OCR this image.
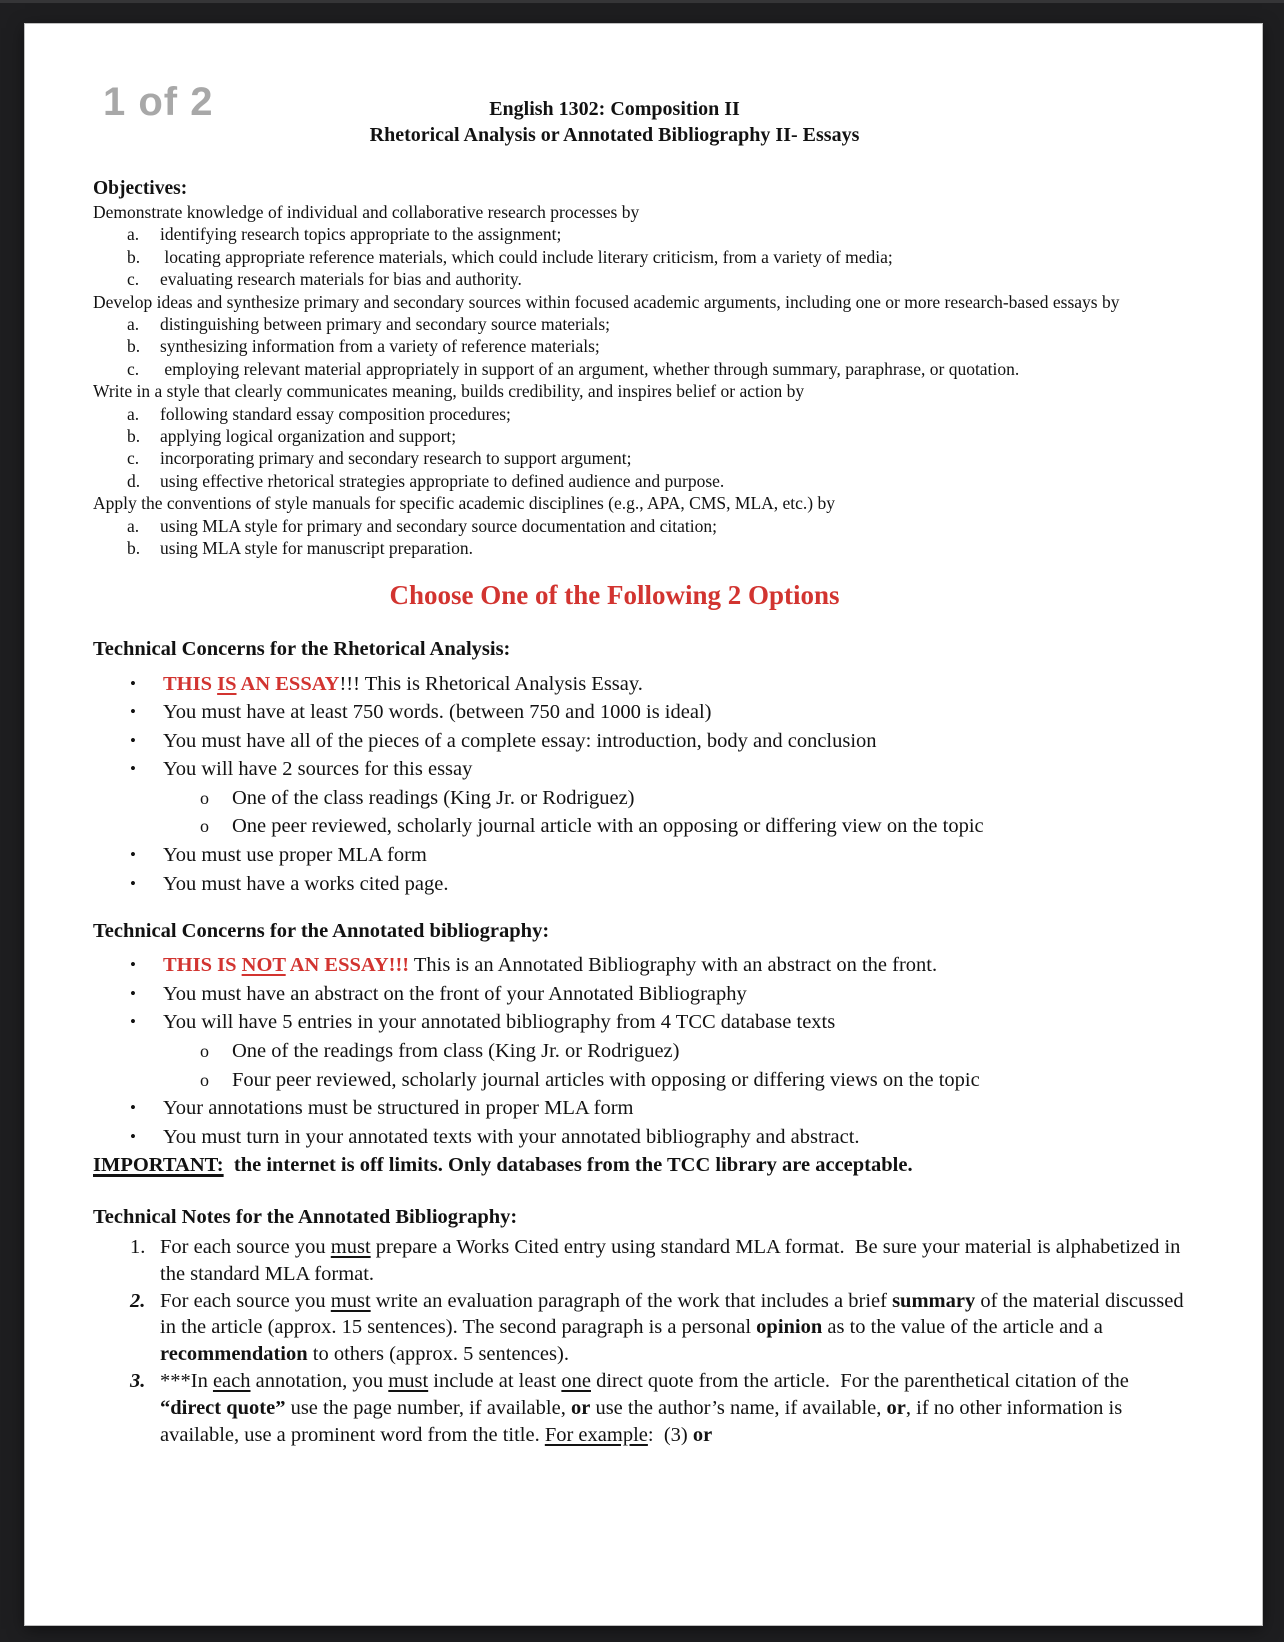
1 of 2	English 1302: Composition II
Rhetorical Analysis or Annotated Bibliography II- Essays
Objectives:

Demonstrate knowledge of individual and collaborative research processes by

a.	identifying research topics appropriate to the assignment;
b.	locating appropriate reference materials, which could include literary criticism, from a variety of media;
c.	evaluating research materials for bias and authority.

Develop ideas and synthesize primary and secondary sources within focused academic arguments, including one or more research-based essays by

a.	distinguishing between primary and secondary source materials;
b.	synthesizing information from a variety of reference materials;
c.	employing relevant material appropriately in support of an argument, whether through summary, paraphrase, or quotation.

Write in a style that clearly communicates meaning, builds credibility, and inspires belief or action by

a.	following standard essay composition procedures;
b.	applying logical organization and support;
c.	incorporating primary and secondary research to support argument;
d.	using effective rhetorical strategies appropriate to defined audience and purpose.

Apply the conventions of style manuals for specific academic disciplines (e.g., APA, CMS, MLA, etc.) by

a.	using MLA style for primary and secondary source documentation and citation;
b.	using MLA style for manuscript preparation.
Choose One of the Following 2 Options
Technical Concerns for the Rhetorical Analysis:
•	THIS IS AN ESSAY!!! This is Rhetorical Analysis Essay.
•	You must have at least 750 words. (between 750 and 1000 is ideal)
•	You must have all of the pieces of a complete essay: introduction, body and conclusion
•	You will have 2 sources for this essay
o	One of the class readings (King Jr. or Rodriguez)
o	One peer reviewed, scholarly journal article with an opposing or differing view on the topic
•	You must use proper MLA form
•	You must have a works cited page.
Technical Concerns for the Annotated bibliography:
•	THIS IS NOT AN ESSAY!!! This is an Annotated Bibliography with an abstract on the front.
•	You must have an abstract on the front of your Annotated Bibliography
•	You will have 5 entries in your annotated bibliography from 4 TCC database texts
o	One of the readings from class (King Jr. or Rodriguez)
o	Four peer reviewed, scholarly journal articles with opposing or differing views on the topic
•	Your annotations must be structured in proper MLA form
•	You must turn in your annotated texts with your annotated bibliography and abstract.
IMPORTANT:  the internet is off limits. Only databases from the TCC library are acceptable.
Technical Notes for the Annotated Bibliography:
1. For each source you must prepare a Works Cited entry using standard MLA format.  Be sure your material is alphabetized in the standard MLA format.
2. For each source you must write an evaluation paragraph of the work that includes a brief summary of the material discussed in the article (approx. 15 sentences). The second paragraph is a personal opinion as to the value of the article and a recommendation to others (approx. 5 sentences).
3. ***In each annotation, you must include at least one direct quote from the article.  For the parenthetical citation of the “direct quote” use the page number, if available, or use the author’s name, if available, or, if no other information is available, use a prominent word from the title. For example:  (3) or
